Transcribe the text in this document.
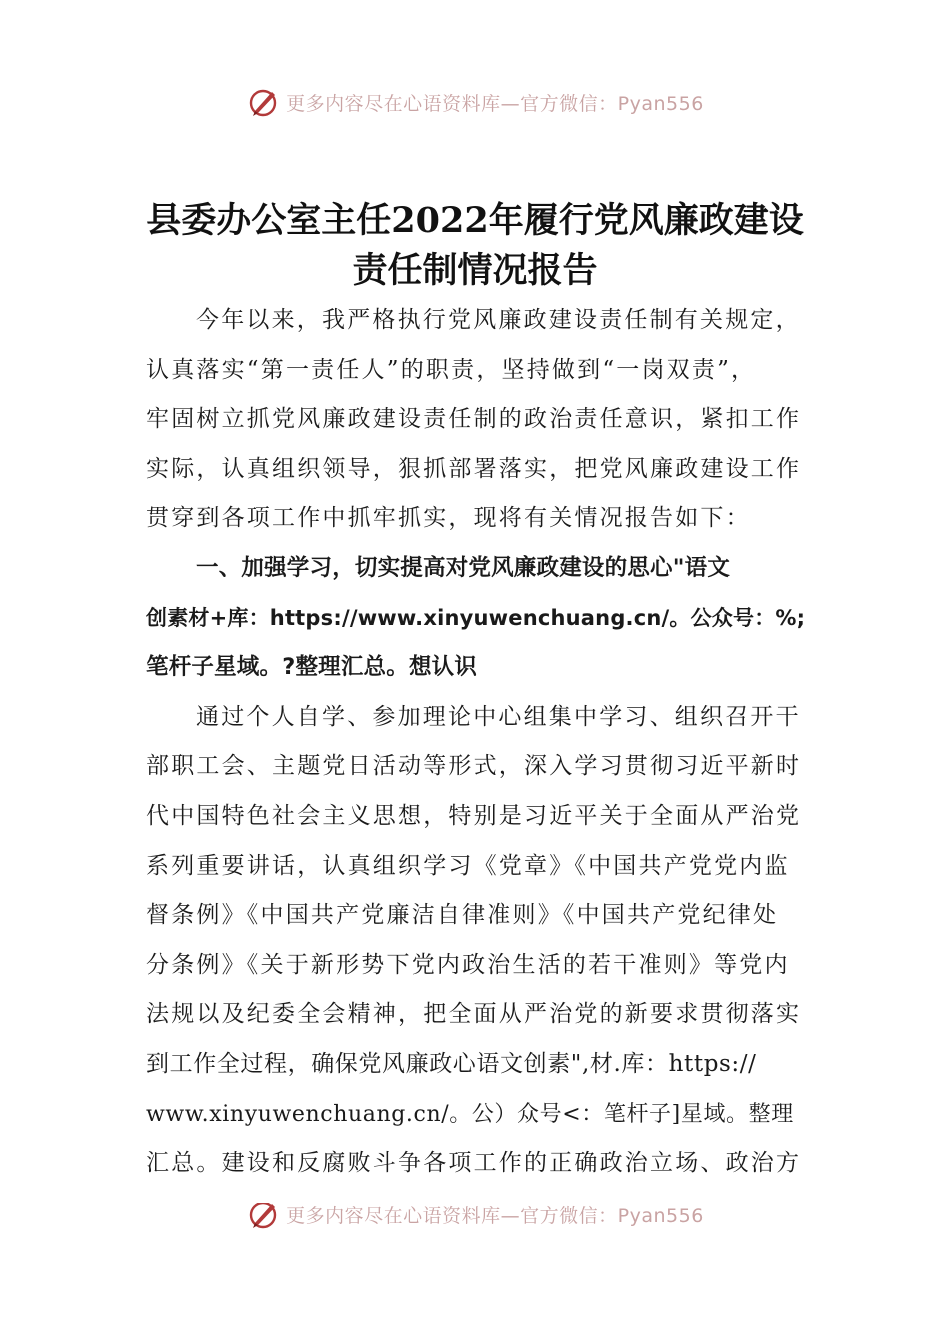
更多内容尽在心语资料库—官方微信：Pyan556
县委办公室主任2022年履行党风廉政建设
责任制情况报告
今年以来，我严格执行党风廉政建设责任制有关规定，
认真落实“第一责任人”的职责，坚持做到“一岗双责”，
牢固树立抓党风廉政建设责任制的政治责任意识，紧扣工作
实际，认真组织领导，狠抓部署落实，把党风廉政建设工作
贯穿到各项工作中抓牢抓实，现将有关情况报告如下：
一、加强学习，切实提高对党风廉政建设的思心"语文
创素材+库：https://www.xinyuwenchuang.cn/。公众号：%;
笔杆子星域。?整理汇总。想认识
通过个人自学、参加理论中心组集中学习、组织召开干
部职工会、主题党日活动等形式，深入学习贯彻习近平新时
代中国特色社会主义思想，特别是习近平关于全面从严治党
系列重要讲话，认真组织学习《党章》《中国共产党党内监
督条例》《中国共产党廉洁自律准则》《中国共产党纪律处
分条例》《关于新形势下党内政治生活的若干准则》等党内
法规以及纪委全会精神，把全面从严治党的新要求贯彻落实
到工作全过程，确保党风廉政心语文创素",材.库：https://
www.xinyuwenchuang.cn/。公）众号<：笔杆子]星域。整理
汇总。建设和反腐败斗争各项工作的正确政治立场、政治方
更多内容尽在心语资料库—官方微信：Pyan556
